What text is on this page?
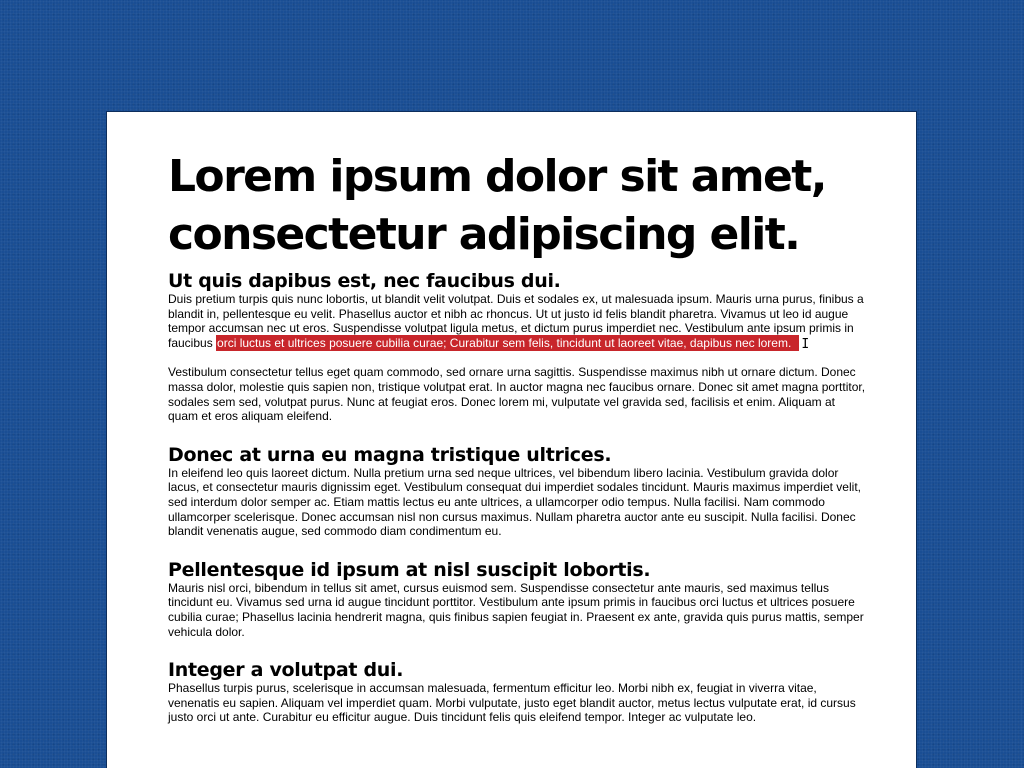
Lorem ipsum dolor sit amet, consectetur adipiscing elit.
Ut quis dapibus est, nec faucibus dui.

Duis pretium turpis quis nunc lobortis, ut blandit velit volutpat. Duis et sodales ex, ut malesuada ipsum. Mauris urna purus, finibus a blandit in, pellentesque eu velit. Phasellus auctor et nibh ac rhoncus. Ut ut justo id felis blandit pharetra. Vivamus ut leo id augue tempor accumsan nec ut eros. Suspendisse volutpat ligula metus, et dictum purus imperdiet nec. Vestibulum ante ipsum primis in faucibus orci luctus et ultrices posuere cubilia curae; Curabitur sem felis, tincidunt ut laoreet vitae, dapibus nec lorem. I

Vestibulum consectetur tellus eget quam commodo, sed ornare urna sagittis. Suspendisse maximus nibh ut ornare dictum. Donec massa dolor, molestie quis sapien non, tristique volutpat erat. In auctor magna nec faucibus ornare. Donec sit amet magna porttitor, sodales sem sed, volutpat purus. Nunc at feugiat eros. Donec lorem mi, vulputate vel gravida sed, facilisis et enim. Aliquam at quam et eros aliquam eleifend.

Donec at urna eu magna tristique ultrices.

In eleifend leo quis laoreet dictum. Nulla pretium urna sed neque ultrices, vel bibendum libero lacinia. Vestibulum gravida dolor lacus, et consectetur mauris dignissim eget. Vestibulum consequat dui imperdiet sodales tincidunt. Mauris maximus imperdiet velit, sed interdum dolor semper ac. Etiam mattis lectus eu ante ultrices, a ullamcorper odio tempus. Nulla facilisi. Nam commodo ullamcorper scelerisque. Donec accumsan nisl non cursus maximus. Nullam pharetra auctor ante eu suscipit. Nulla facilisi. Donec blandit venenatis augue, sed commodo diam condimentum eu.

Pellentesque id ipsum at nisl suscipit lobortis.

Mauris nisl orci, bibendum in tellus sit amet, cursus euismod sem. Suspendisse consectetur ante mauris, sed maximus tellus tincidunt eu. Vivamus sed urna id augue tincidunt porttitor. Vestibulum ante ipsum primis in faucibus orci luctus et ultrices posuere cubilia curae; Phasellus lacinia hendrerit magna, quis finibus sapien feugiat in. Praesent ex ante, gravida quis purus mattis, semper vehicula dolor.

Integer a volutpat dui.

Phasellus turpis purus, scelerisque in accumsan malesuada, fermentum efficitur leo. Morbi nibh ex, feugiat in viverra vitae, venenatis eu sapien. Aliquam vel imperdiet quam. Morbi vulputate, justo eget blandit auctor, metus lectus vulputate erat, id cursus justo orci ut ante. Curabitur eu efficitur augue. Duis tincidunt felis quis eleifend tempor. Integer ac vulputate leo.
